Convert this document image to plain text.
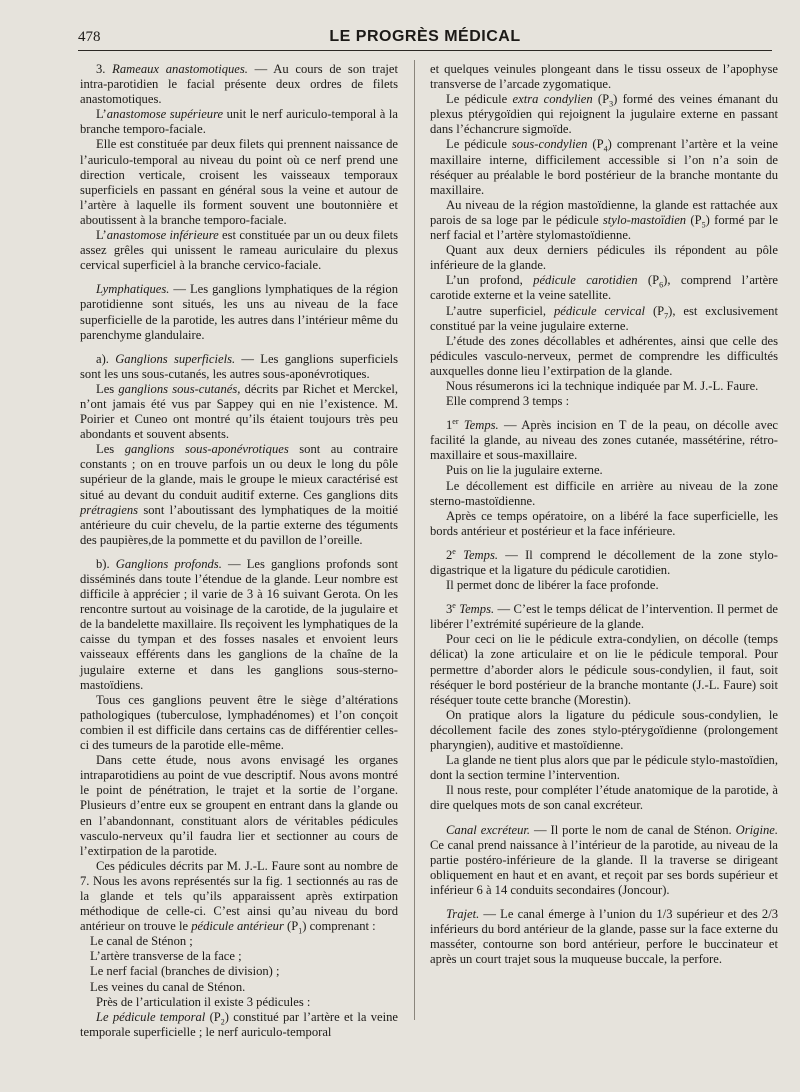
478	LE PROGRÈS MÉDICAL

3. Rameaux anastomotiques. — Au cours de son trajet intra-parotidien le facial présente deux ordres de filets anastomotiques.

L’anastomose supérieure unit le nerf auriculo-temporal à la branche temporo-faciale.

Elle est constituée par deux filets qui prennent naissance de l’auriculo-temporal au niveau du point où ce nerf prend une direction verticale, croisent les vaisseaux temporaux superficiels en passant en général sous la veine et autour de l’artère à laquelle ils forment souvent une boutonnière et aboutissent à la branche temporo-faciale.

L’anastomose inférieure est constituée par un ou deux filets assez grêles qui unissent le rameau auriculaire du plexus cervical superficiel à la branche cervico-faciale.

Lymphatiques. — Les ganglions lymphatiques de la région parotidienne sont situés, les uns au niveau de la face superficielle de la parotide, les autres dans l’intérieur même du parenchyme glandulaire.

a). Ganglions superficiels. — Les ganglions superficiels sont les uns sous-cutanés, les autres sous-aponévrotiques.

Les ganglions sous-cutanés, décrits par Richet et Merckel, n’ont jamais été vus par Sappey qui en nie l’existence. M. Poirier et Cuneo ont montré qu’ils étaient toujours très peu abondants et souvent absents.

Les ganglions sous-aponévrotiques sont au contraire constants ; on en trouve parfois un ou deux le long du pôle supérieur de la glande, mais le groupe le mieux caractérisé est situé au devant du conduit auditif externe. Ces ganglions dits prétragiens sont l’aboutissant des lymphatiques de la moitié antérieure du cuir chevelu, de la partie externe des téguments des paupières,de la pommette et du pavillon de l’oreille.

b). Ganglions profonds. — Les ganglions profonds sont disséminés dans toute l’étendue de la glande. Leur nombre est difficile à apprécier ; il varie de 3 à 16 suivant Gerota. On les rencontre surtout au voisinage de la carotide, de la jugulaire et de la bandelette maxillaire. Ils reçoivent les lymphatiques de la caisse du tympan et des fosses nasales et envoient leurs vaisseaux efférents dans les ganglions de la chaîne de la jugulaire externe et dans les ganglions sous-sterno-mastoïdiens.

Tous ces ganglions peuvent être le siège d’altérations pathologiques (tuberculose, lymphadénomes) et l’on conçoit combien il est difficile dans certains cas de différentier celles-ci des tumeurs de la parotide elle-même.

Dans cette étude, nous avons envisagé les organes intraparotidiens au point de vue descriptif. Nous avons montré le point de pénétration, le trajet et la sortie de l’organe. Plusieurs d’entre eux se groupent en entrant dans la glande ou en l’abandonnant, constituant alors de véritables pédicules vasculo-nerveux qu’il faudra lier et sectionner au cours de l’extirpation de la parotide.

Ces pédicules décrits par M. J.-L. Faure sont au nombre de 7. Nous les avons représentés sur la fig. 1 sectionnés au ras de la glande et tels qu’ils apparaissent après extirpation méthodique de celle-ci. C’est ainsi qu’au niveau du bord antérieur on trouve le pédicule antérieur $(P_1)$ comprenant :

Le canal de Sténon ;

L’artère transverse de la face ;

Le nerf facial (branches de division) ;

Les veines du canal de Sténon.

Près de l’articulation il existe 3 pédicules :

Le pédicule temporal $(P_2)$ constitué par l’artère et la veine temporale superficielle ; le nerf auriculo-temporal

et quelques veinules plongeant dans le tissu osseux de l’apophyse transverse de l’arcade zygomatique.

Le pédicule extra condylien $(P_3)$ formé des veines émanant du plexus ptérygoïdien qui rejoignent la jugulaire externe en passant dans l’échancrure sigmoïde.

Le pédicule sous-condylien $(P_4)$ comprenant l’artère et la veine maxillaire interne, difficilement accessible si l’on n’a soin de réséquer au préalable le bord postérieur de la branche montante du maxillaire.

Au niveau de la région mastoïdienne, la glande est rattachée aux parois de sa loge par le pédicule stylo-mastoïdien $(P_5)$ formé par le nerf facial et l’artère stylomastoïdienne.

Quant aux deux derniers pédicules ils répondent au pôle inférieure de la glande.

L’un profond, pédicule carotidien $(P_6)$, comprend l’artère carotide externe et la veine satellite.

L’autre superficiel, pédicule cervical $(P_7)$, est exclusivement constitué par la veine jugulaire externe.

L’étude des zones décollables et adhérentes, ainsi que celle des pédicules vasculo-nerveux, permet de comprendre les difficultés auxquelles donne lieu l’extirpation de la glande.

Nous résumerons ici la technique indiquée par M. J.-L. Faure.

Elle comprend 3 temps :

1er Temps. — Après incision en T de la peau, on décolle avec facilité la glande, au niveau des zones cutanée, massétérine, rétro-maxillaire et sous-maxillaire.

Puis on lie la jugulaire externe.

Le décollement est difficile en arrière au niveau de la zone sterno-mastoïdienne.

Après ce temps opératoire, on a libéré la face superficielle, les bords antérieur et postérieur et la face inférieure.

2e Temps. — Il comprend le décollement de la zone stylo-digastrique et la ligature du pédicule carotidien.

Il permet donc de libérer la face profonde.

3e Temps. — C’est le temps délicat de l’intervention. Il permet de libérer l’extrémité supérieure de la glande.

Pour ceci on lie le pédicule extra-condylien, on décolle (temps délicat) la zone articulaire et on lie le pédicule temporal. Pour permettre d’aborder alors le pédicule sous-condylien, il faut, soit réséquer le bord postérieur de la branche montante (J.-L. Faure) soit réséquer toute cette branche (Morestin).

On pratique alors la ligature du pédicule sous-condylien, le décollement facile des zones stylo-ptérygoïdienne (prolongement pharyngien), auditive et mastoïdienne.

La glande ne tient plus alors que par le pédicule stylo-mastoïdien, dont la section termine l’intervention.

Il nous reste, pour compléter l’étude anatomique de la parotide, à dire quelques mots de son canal excréteur.

Canal excréteur. — Il porte le nom de canal de Sténon. Origine. Ce canal prend naissance à l’intérieur de la parotide, au niveau de la partie postéro-inférieure de la glande. Il la traverse se dirigeant obliquement en haut et en avant, et reçoit par ses bords supérieur et inférieur 6 à 14 conduits secondaires (Joncour).

Trajet. — Le canal émerge à l’union du 1/3 supérieur et des 2/3 inférieurs du bord antérieur de la glande, passe sur la face externe du masséter, contourne son bord antérieur, perfore le buccinateur et après un court trajet sous la muqueuse buccale, la perfore.
